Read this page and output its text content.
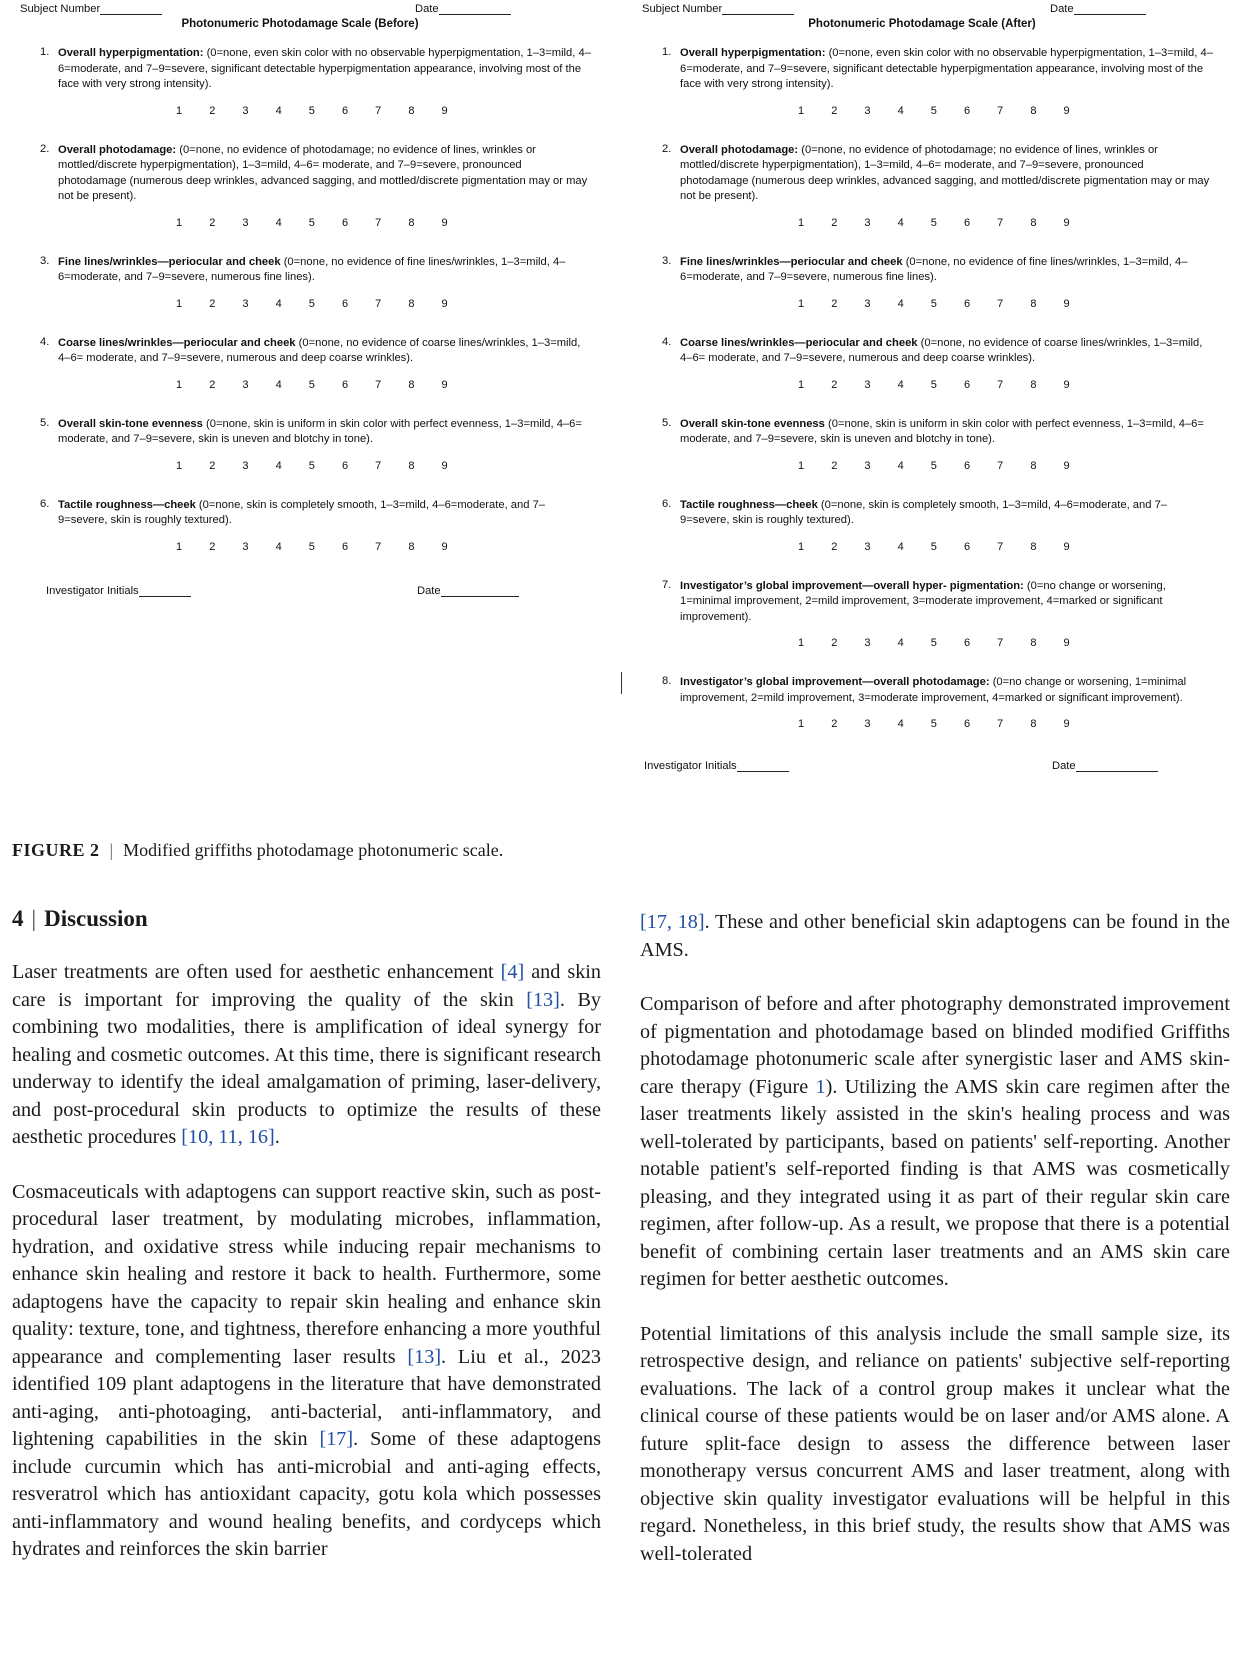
Subject Number	Date
Photonumeric Photodamage Scale (Before)
1. Overall hyperpigmentation: (0=none, even skin color with no observable hyperpigmentation, 1–3=mild, 4–6=moderate, and 7–9=severe, significant detectable hyperpigmentation appearance, involving most of the face with very strong intensity).
1	2	3	4	5	6	7	8	9
2. Overall photodamage: (0=none, no evidence of photodamage; no evidence of lines, wrinkles or mottled/discrete hyperpigmentation), 1–3=mild, 4–6= moderate, and 7–9=severe, pronounced photodamage (numerous deep wrinkles, advanced sagging, and mottled/discrete pigmentation may or may not be present).
1	2	3	4	5	6	7	8	9
3. Fine lines/wrinkles—periocular and cheek (0=none, no evidence of fine lines/wrinkles, 1–3=mild, 4–6=moderate, and 7–9=severe, numerous fine lines).
1	2	3	4	5	6	7	8	9
4. Coarse lines/wrinkles—periocular and cheek (0=none, no evidence of coarse lines/wrinkles, 1–3=mild, 4–6= moderate, and 7–9=severe, numerous and deep coarse wrinkles).
1	2	3	4	5	6	7	8	9
5. Overall skin-tone evenness (0=none, skin is uniform in skin color with perfect evenness, 1–3=mild, 4–6= moderate, and 7–9=severe, skin is uneven and blotchy in tone).
1	2	3	4	5	6	7	8	9
6. Tactile roughness—cheek (0=none, skin is completely smooth, 1–3=mild, 4–6=moderate, and 7–9=severe, skin is roughly textured).
1	2	3	4	5	6	7	8	9
Investigator Initials	Date
Subject Number	Date
Photonumeric Photodamage Scale (After)
1. Overall hyperpigmentation: (0=none, even skin color with no observable hyperpigmentation, 1–3=mild, 4–6=moderate, and 7–9=severe, significant detectable hyperpigmentation appearance, involving most of the face with very strong intensity).
1	2	3	4	5	6	7	8	9
2. Overall photodamage: (0=none, no evidence of photodamage; no evidence of lines, wrinkles or mottled/discrete hyperpigmentation), 1–3=mild, 4–6= moderate, and 7–9=severe, pronounced photodamage (numerous deep wrinkles, advanced sagging, and mottled/discrete pigmentation may or may not be present).
1	2	3	4	5	6	7	8	9
3. Fine lines/wrinkles—periocular and cheek (0=none, no evidence of fine lines/wrinkles, 1–3=mild, 4–6=moderate, and 7–9=severe, numerous fine lines).
1	2	3	4	5	6	7	8	9
4. Coarse lines/wrinkles—periocular and cheek (0=none, no evidence of coarse lines/wrinkles, 1–3=mild, 4–6= moderate, and 7–9=severe, numerous and deep coarse wrinkles).
1	2	3	4	5	6	7	8	9
5. Overall skin-tone evenness (0=none, skin is uniform in skin color with perfect evenness, 1–3=mild, 4–6= moderate, and 7–9=severe, skin is uneven and blotchy in tone).
1	2	3	4	5	6	7	8	9
6. Tactile roughness—cheek (0=none, skin is completely smooth, 1–3=mild, 4–6=moderate, and 7–9=severe, skin is roughly textured).
1	2	3	4	5	6	7	8	9
7. Investigator’s global improvement—overall hyper- pigmentation: (0=no change or worsening, 1=minimal improvement, 2=mild improvement, 3=moderate improvement, 4=marked or significant improvement).
1	2	3	4	5	6	7	8	9
8. Investigator’s global improvement—overall photodamage: (0=no change or worsening, 1=minimal improvement, 2=mild improvement, 3=moderate improvement, 4=marked or significant improvement).
1	2	3	4	5	6	7	8	9
Investigator Initials	Date
FIGURE 2 | Modified griffiths photodamage photonumeric scale.
4 | Discussion

Laser treatments are often used for aesthetic enhancement [4] and skin care is important for improving the quality of the skin [13]. By combining two modalities, there is amplification of ideal synergy for healing and cosmetic outcomes. At this time, there is significant research underway to identify the ideal amalgamation of priming, laser-delivery, and post-procedural skin products to optimize the results of these aesthetic procedures [10, 11, 16].

Cosmaceuticals with adaptogens can support reactive skin, such as post-procedural laser treatment, by modulating microbes, inflammation, hydration, and oxidative stress while inducing repair mechanisms to enhance skin healing and restore it back to health. Furthermore, some adaptogens have the capacity to repair skin healing and enhance skin quality: texture, tone, and tightness, therefore enhancing a more youthful appearance and complementing laser results [13]. Liu et al., 2023 identified 109 plant adaptogens in the literature that have demonstrated anti-aging, anti-photoaging, anti-bacterial, anti-inflammatory, and lightening capabilities in the skin [17]. Some of these adaptogens include curcumin which has anti-microbial and anti-aging effects, resveratrol which has antioxidant capacity, gotu kola which possesses anti-inflammatory and wound healing benefits, and cordyceps which hydrates and reinforces the skin barrier

[17, 18]. These and other beneficial skin adaptogens can be found in the AMS.

Comparison of before and after photography demonstrated improvement of pigmentation and photodamage based on blinded modified Griffiths photodamage photonumeric scale after synergistic laser and AMS skin-care therapy (Figure 1). Utilizing the AMS skin care regimen after the laser treatments likely assisted in the skin's healing process and was well-tolerated by participants, based on patients' self-reporting. Another notable patient's self-reported finding is that AMS was cosmetically pleasing, and they integrated using it as part of their regular skin care regimen, after follow-up. As a result, we propose that there is a potential benefit of combining certain laser treatments and an AMS skin care regimen for better aesthetic outcomes.

Potential limitations of this analysis include the small sample size, its retrospective design, and reliance on patients' subjective self-reporting evaluations. The lack of a control group makes it unclear what the clinical course of these patients would be on laser and/or AMS alone. A future split-face design to assess the difference between laser monotherapy versus concurrent AMS and laser treatment, along with objective skin quality investigator evaluations will be helpful in this regard. Nonetheless, in this brief study, the results show that AMS was well-tolerated
